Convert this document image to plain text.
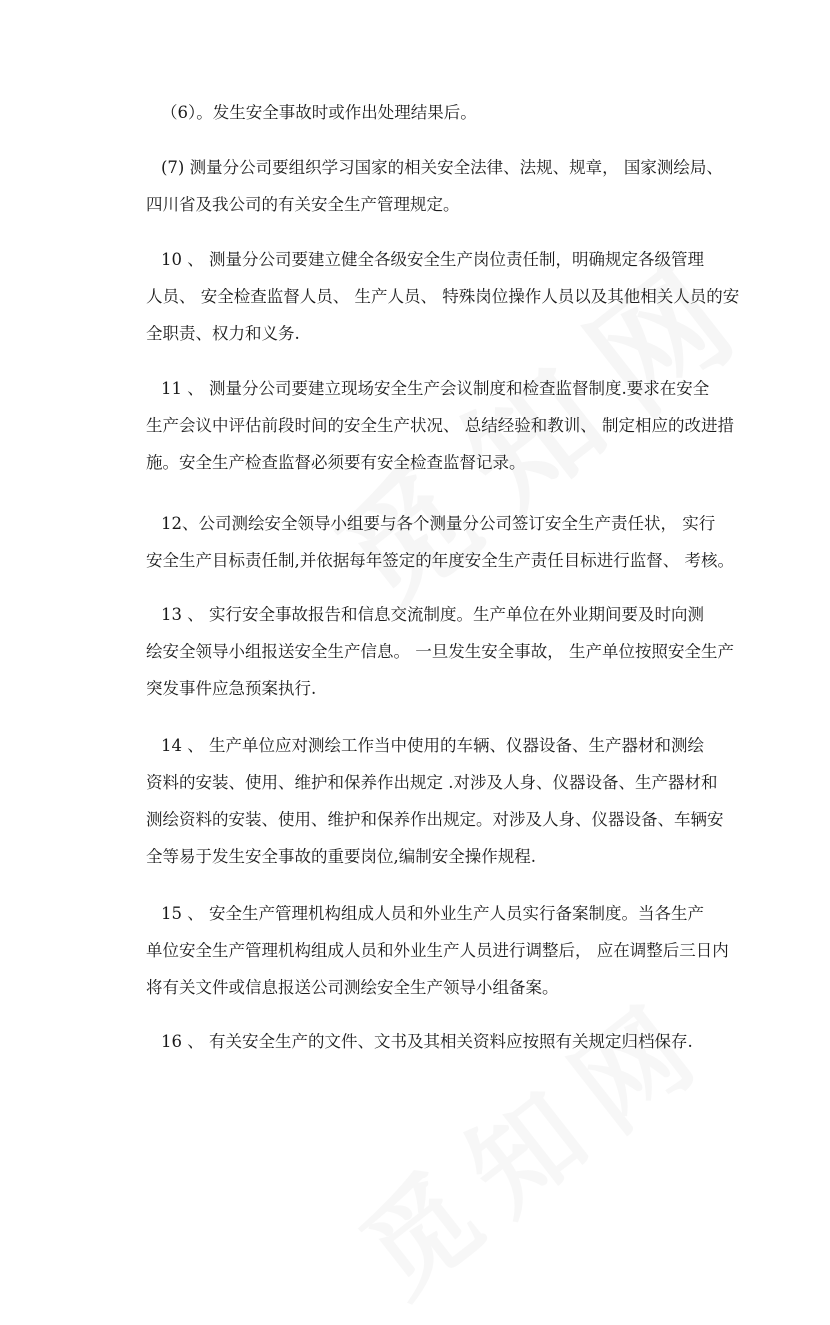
（6）。发生安全事故时或作出处理结果后。
(7) 测量分公司要组织学习国家的相关安全法律、法规、规章， 国家测绘局、
四川省及我公司的有关安全生产管理规定。
10 、 测量分公司要建立健全各级安全生产岗位责任制，明确规定各级管理
人员、 安全检查监督人员、 生产人员、 特殊岗位操作人员以及其他相关人员的安
全职责、权力和义务.
11 、 测量分公司要建立现场安全生产会议制度和检查监督制度.要求在安全
生产会议中评估前段时间的安全生产状况、 总结经验和教训、 制定相应的改进措
施。安全生产检查监督必须要有安全检查监督记录。
12、公司测绘安全领导小组要与各个测量分公司签订安全生产责任状， 实行
安全生产目标责任制,并依据每年签定的年度安全生产责任目标进行监督、 考核。
13 、 实行安全事故报告和信息交流制度。生产单位在外业期间要及时向测
绘安全领导小组报送安全生产信息。 一旦发生安全事故， 生产单位按照安全生产
突发事件应急预案执行.
14 、 生产单位应对测绘工作当中使用的车辆、仪器设备、生产器材和测绘
资料的安装、使用、维护和保养作出规定 .对涉及人身、仪器设备、生产器材和
测绘资料的安装、使用、维护和保养作出规定。对涉及人身、仪器设备、车辆安
全等易于发生安全事故的重要岗位,编制安全操作规程.
15 、 安全生产管理机构组成人员和外业生产人员实行备案制度。当各生产
单位安全生产管理机构组成人员和外业生产人员进行调整后， 应在调整后三日内
将有关文件或信息报送公司测绘安全生产领导小组备案。
16 、 有关安全生产的文件、文书及其相关资料应按照有关规定归档保存.
